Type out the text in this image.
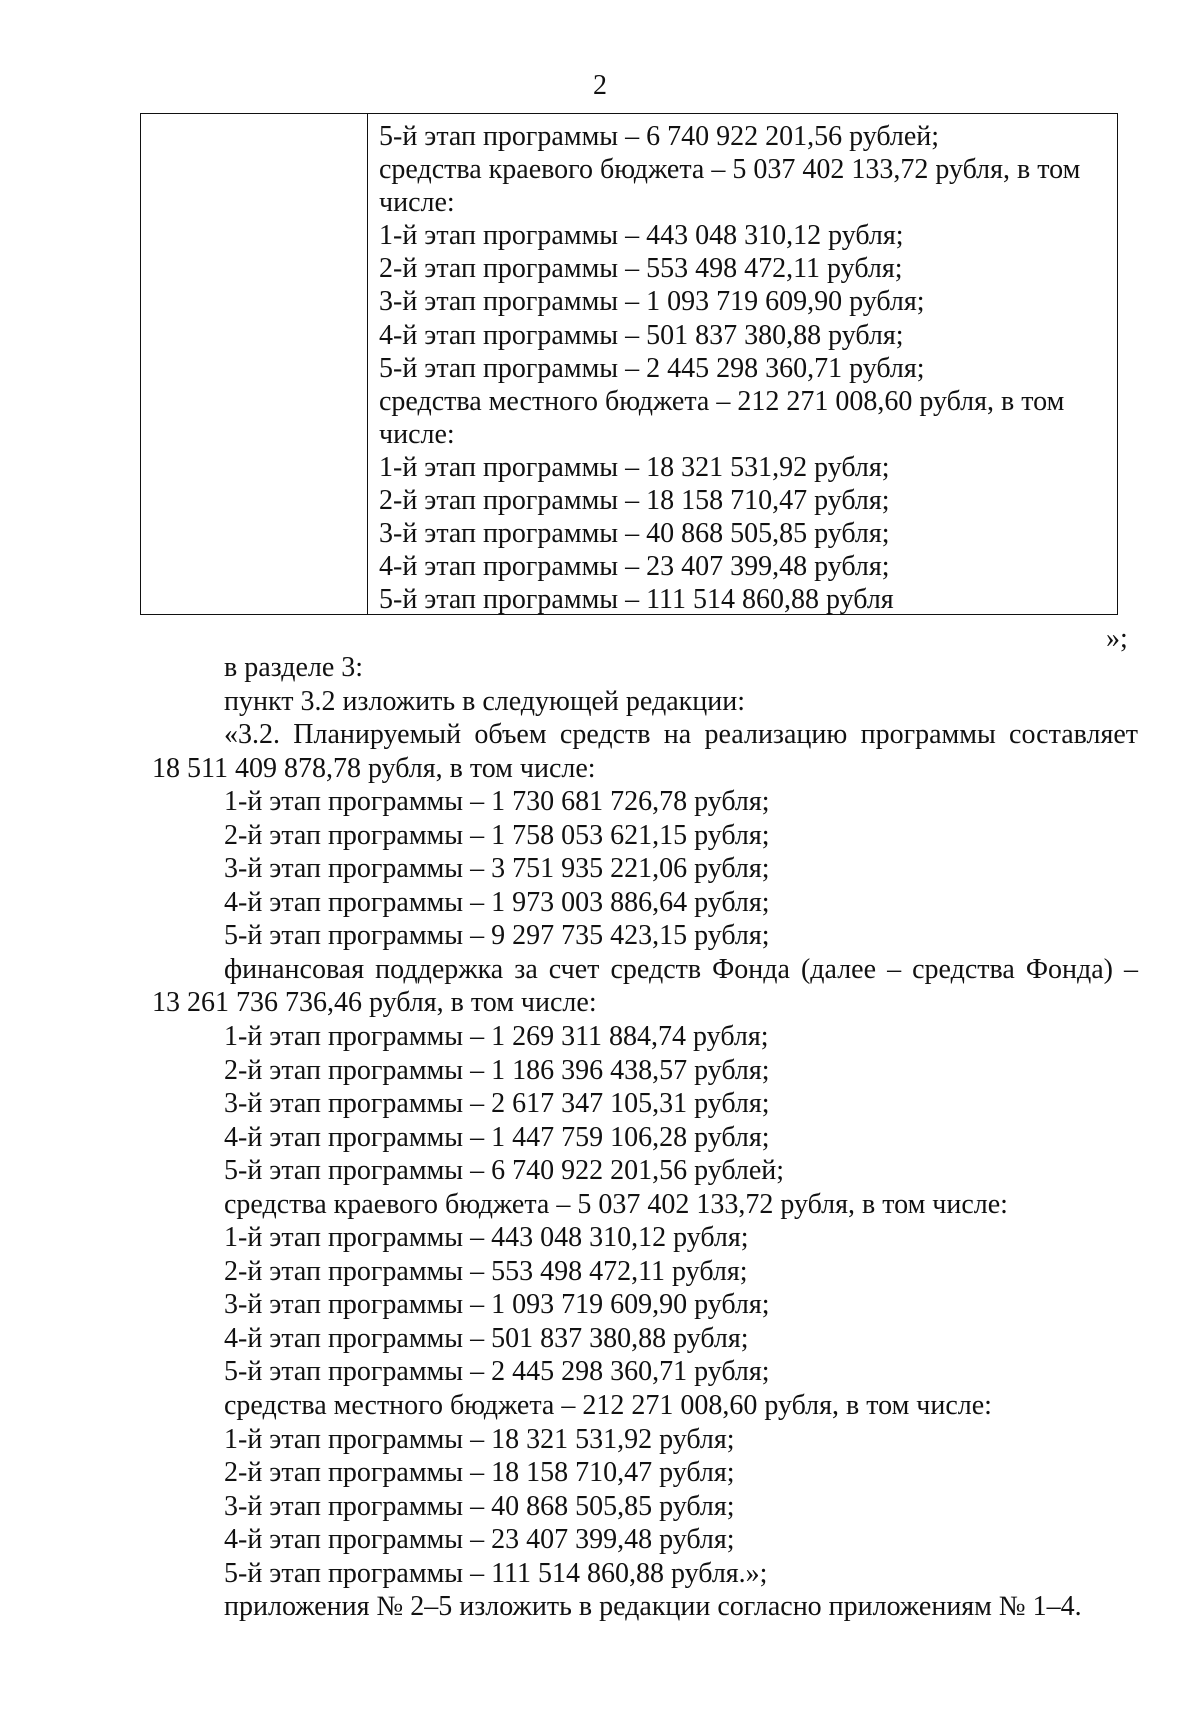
2
5-й этап программы – 6 740 922 201,56 рублей;
средства краевого бюджета – 5 037 402 133,72 рубля, в том
числе:
1-й этап программы – 443 048 310,12 рубля;
2-й этап программы – 553 498 472,11 рубля;
3-й этап программы – 1 093 719 609,90 рубля;
4-й этап программы – 501 837 380,88 рубля;
5-й этап программы – 2 445 298 360,71 рубля;
средства местного бюджета – 212 271 008,60 рубля, в том
числе:
1-й этап программы – 18 321 531,92 рубля;
2-й этап программы – 18 158 710,47 рубля;
3-й этап программы – 40 868 505,85 рубля;
4-й этап программы – 23 407 399,48 рубля;
5-й этап программы – 111 514 860,88 рубля
»;
в разделе 3:
пункт 3.2 изложить в следующей редакции:
«3.2. Планируемый объем средств на реализацию программы составляет
18 511 409 878,78 рубля, в том числе:
1-й этап программы – 1 730 681 726,78 рубля;
2-й этап программы – 1 758 053 621,15 рубля;
3-й этап программы – 3 751 935 221,06 рубля;
4-й этап программы – 1 973 003 886,64 рубля;
5-й этап программы – 9 297 735 423,15 рубля;
финансовая поддержка за счет средств Фонда (далее – средства Фонда) –
13 261 736 736,46 рубля, в том числе:
1-й этап программы – 1 269 311 884,74 рубля;
2-й этап программы – 1 186 396 438,57 рубля;
3-й этап программы – 2 617 347 105,31 рубля;
4-й этап программы – 1 447 759 106,28 рубля;
5-й этап программы – 6 740 922 201,56 рублей;
средства краевого бюджета – 5 037 402 133,72 рубля, в том числе:
1-й этап программы – 443 048 310,12 рубля;
2-й этап программы – 553 498 472,11 рубля;
3-й этап программы – 1 093 719 609,90 рубля;
4-й этап программы – 501 837 380,88 рубля;
5-й этап программы – 2 445 298 360,71 рубля;
средства местного бюджета – 212 271 008,60 рубля, в том числе:
1-й этап программы – 18 321 531,92 рубля;
2-й этап программы – 18 158 710,47 рубля;
3-й этап программы – 40 868 505,85 рубля;
4-й этап программы – 23 407 399,48 рубля;
5-й этап программы – 111 514 860,88 рубля.»;
приложения № 2–5 изложить в редакции согласно приложениям № 1–4.
